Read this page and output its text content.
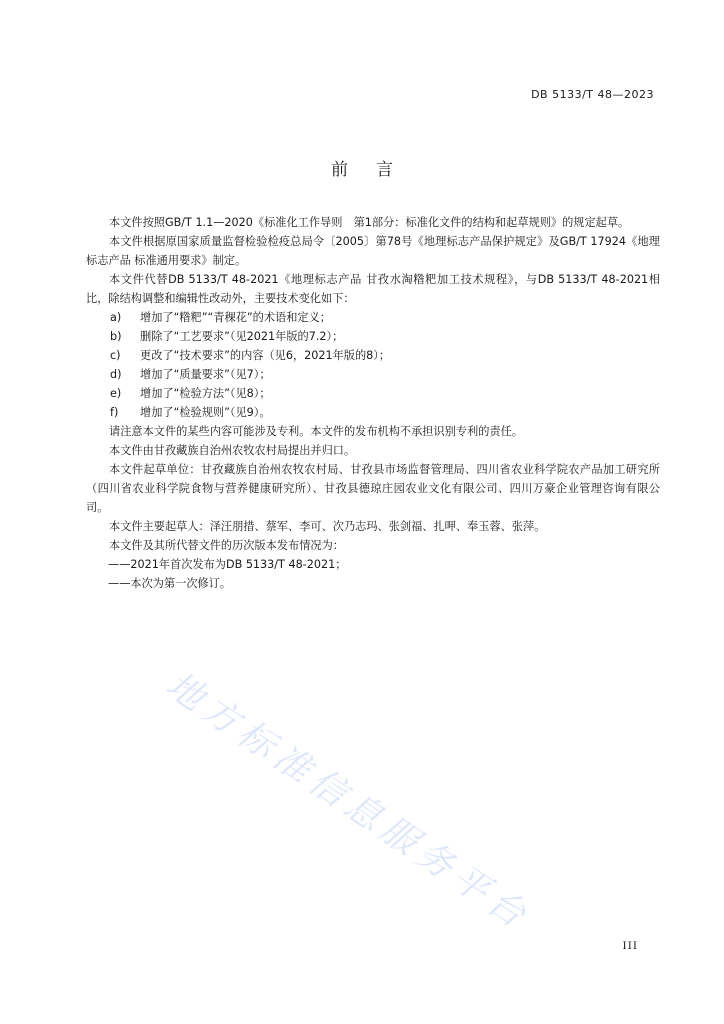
DB 5133/T 48—2023
前言
本文件按照GB/T 1.1—2020《标准化工作导则　第1部分：标准化文件的结构和起草规则》的规定起草。
本文件根据原国家质量监督检验检疫总局令〔2005〕第78号《地理标志产品保护规定》及GB/T 17924《地理标志产品 标准通用要求》制定。
本文件代替DB 5133/T 48-2021《地理标志产品 甘孜水淘糌粑加工技术规程》，与DB 5133/T 48-2021相比，除结构调整和编辑性改动外，主要技术变化如下：
a)	增加了“糌粑”“青稞花”的术语和定义；
b)	删除了“工艺要求”（见2021年版的7.2）；
c)	更改了“技术要求”的内容（见6，2021年版的8）；
d)	增加了“质量要求”（见7）；
e)	增加了“检验方法”（见8）；
f)	增加了“检验规则”（见9）。
请注意本文件的某些内容可能涉及专利。本文件的发布机构不承担识别专利的责任。
本文件由甘孜藏族自治州农牧农村局提出并归口。
本文件起草单位：甘孜藏族自治州农牧农村局、甘孜县市场监督管理局、四川省农业科学院农产品加工研究所（四川省农业科学院食物与营养健康研究所）、甘孜县德琼庄园农业文化有限公司、四川万豪企业管理咨询有限公司。
本文件主要起草人：泽汪朋措、蔡军、李可、次乃志玛、张剑福、扎呷、奉玉蓉、张萍。
本文件及其所代替文件的历次版本发布情况为：
——2021年首次发布为DB 5133/T 48-2021；
——本次为第一次修订。
地方标准信息服务平台
III
